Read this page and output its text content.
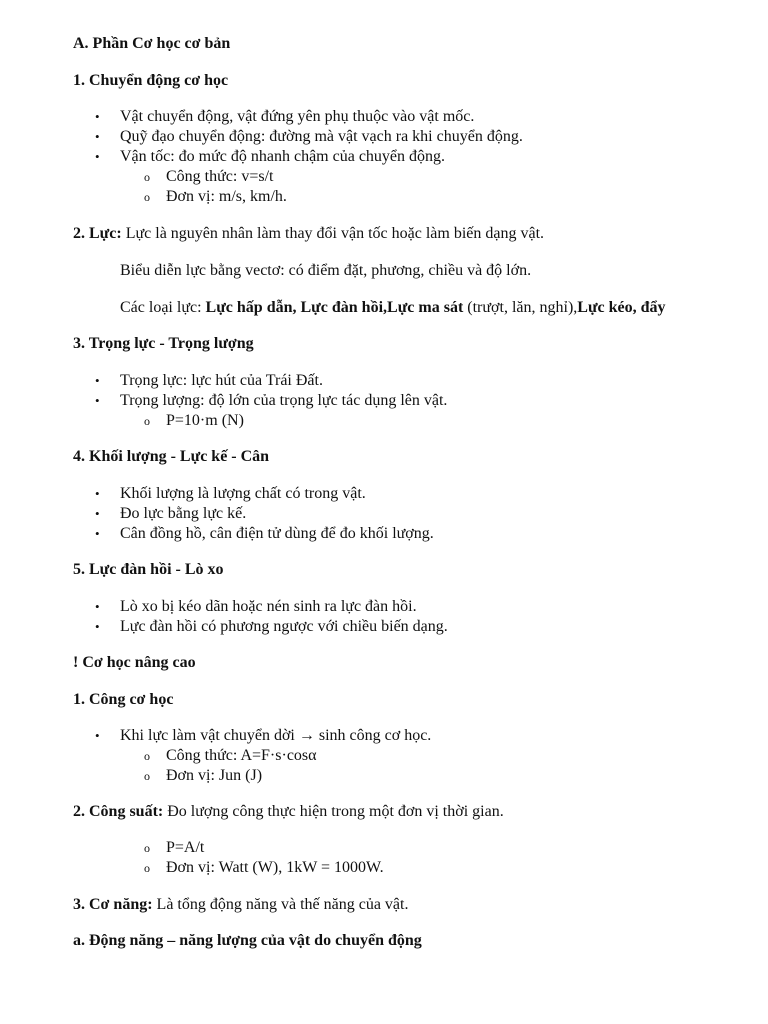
A. Phần Cơ học cơ bản

1. Chuyển động cơ học

• Vật chuyển động, vật đứng yên phụ thuộc vào vật mốc.
• Quỹ đạo chuyển động: đường mà vật vạch ra khi chuyển động.
• Vận tốc: đo mức độ nhanh chậm của chuyển động.
o Công thức: v=s/t
o Đơn vị: m/s, km/h.

2. Lực: Lực là nguyên nhân làm thay đổi vận tốc hoặc làm biến dạng vật.

Biểu diễn lực bằng vectơ: có điểm đặt, phương, chiều và độ lớn.

Các loại lực: Lực hấp dẫn, Lực đàn hồi,Lực ma sát (trượt, lăn, nghỉ),Lực kéo, đẩy

3. Trọng lực - Trọng lượng

• Trọng lực: lực hút của Trái Đất.
• Trọng lượng: độ lớn của trọng lực tác dụng lên vật.
o P=10·m (N)

4. Khối lượng - Lực kế - Cân

• Khối lượng là lượng chất có trong vật.
• Đo lực bằng lực kế.
• Cân đồng hồ, cân điện tử dùng để đo khối lượng.

5. Lực đàn hồi - Lò xo

• Lò xo bị kéo dãn hoặc nén sinh ra lực đàn hồi.
• Lực đàn hồi có phương ngược với chiều biến dạng.

! Cơ học nâng cao

1. Công cơ học

• Khi lực làm vật chuyển dời → sinh công cơ học.
o Công thức: A=F·s·cosα
o Đơn vị: Jun (J)

2. Công suất: Đo lượng công thực hiện trong một đơn vị thời gian.

o P=A/t
o Đơn vị: Watt (W), 1kW = 1000W.

3. Cơ năng: Là tổng động năng và thế năng của vật.

a. Động năng – năng lượng của vật do chuyển động
